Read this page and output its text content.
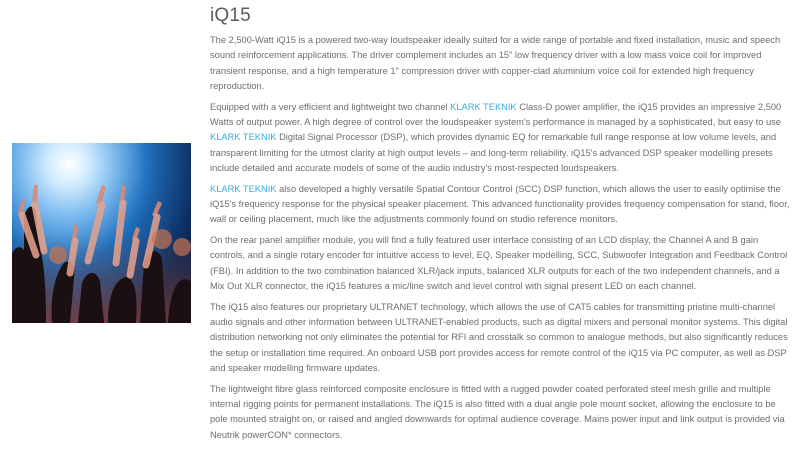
iQ15

The 2,500-Watt iQ15 is a powered two-way loudspeaker ideally suited for a wide range of portable and fixed installation, music and speech sound reinforcement applications. The driver complement includes an 15" low frequency driver with a low mass voice coil for improved transient response, and a high temperature 1" compression driver with copper-clad aluminium voice coil for extended high frequency reproduction.

Equipped with a very efficient and lightweight two channel KLARK TEKNIK Class-D power amplifier, the iQ15 provides an impressive 2,500 Watts of output power. A high degree of control over the loudspeaker system's performance is managed by a sophisticated, but easy to use KLARK TEKNIK Digital Signal Processor (DSP), which provides dynamic EQ for remarkable full range response at low volume levels, and transparent limiting for the utmost clarity at high output levels – and long-term reliability. iQ15's advanced DSP speaker modelling presets include detailed and accurate models of some of the audio industry's most-respected loudspeakers.

KLARK TEKNIK also developed a highly versatile Spatial Contour Control (SCC) DSP function, which allows the user to easily optimise the iQ15's frequency response for the physical speaker placement. This advanced functionality provides frequency compensation for stand, floor, wall or ceiling placement, much like the adjustments commonly found on studio reference monitors.

On the rear panel amplifier module, you will find a fully featured user interface consisting of an LCD display, the Channel A and B gain controls, and a single rotary encoder for intuitive access to level, EQ, Speaker modelling, SCC, Subwoofer Integration and Feedback Control (FBI). In addition to the two combination balanced XLR/jack inputs, balanced XLR outputs for each of the two independent channels, and a Mix Out XLR connector, the iQ15 features a mic/line switch and level control with signal present LED on each channel.

The iQ15 also features our proprietary ULTRANET technology, which allows the use of CAT5 cables for transmitting pristine multi-channel audio signals and other information between ULTRANET-enabled products, such as digital mixers and personal monitor systems. This digital distribution networking not only eliminates the potential for RFI and crosstalk so common to analogue methods, but also significantly reduces the setup or installation time required. An onboard USB port provides access for remote control of the iQ15 via PC computer, as well as DSP and speaker modelling firmware updates.

The lightweight fibre glass reinforced composite enclosure is fitted with a rugged powder coated perforated steel mesh grille and multiple internal rigging points for permanent installations. The iQ15 is also fitted with a dual angle pole mount socket, allowing the enclosure to be pole mounted straight on, or raised and angled downwards for optimal audience coverage. Mains power input and link output is provided via Neutrik powerCON* connectors.
